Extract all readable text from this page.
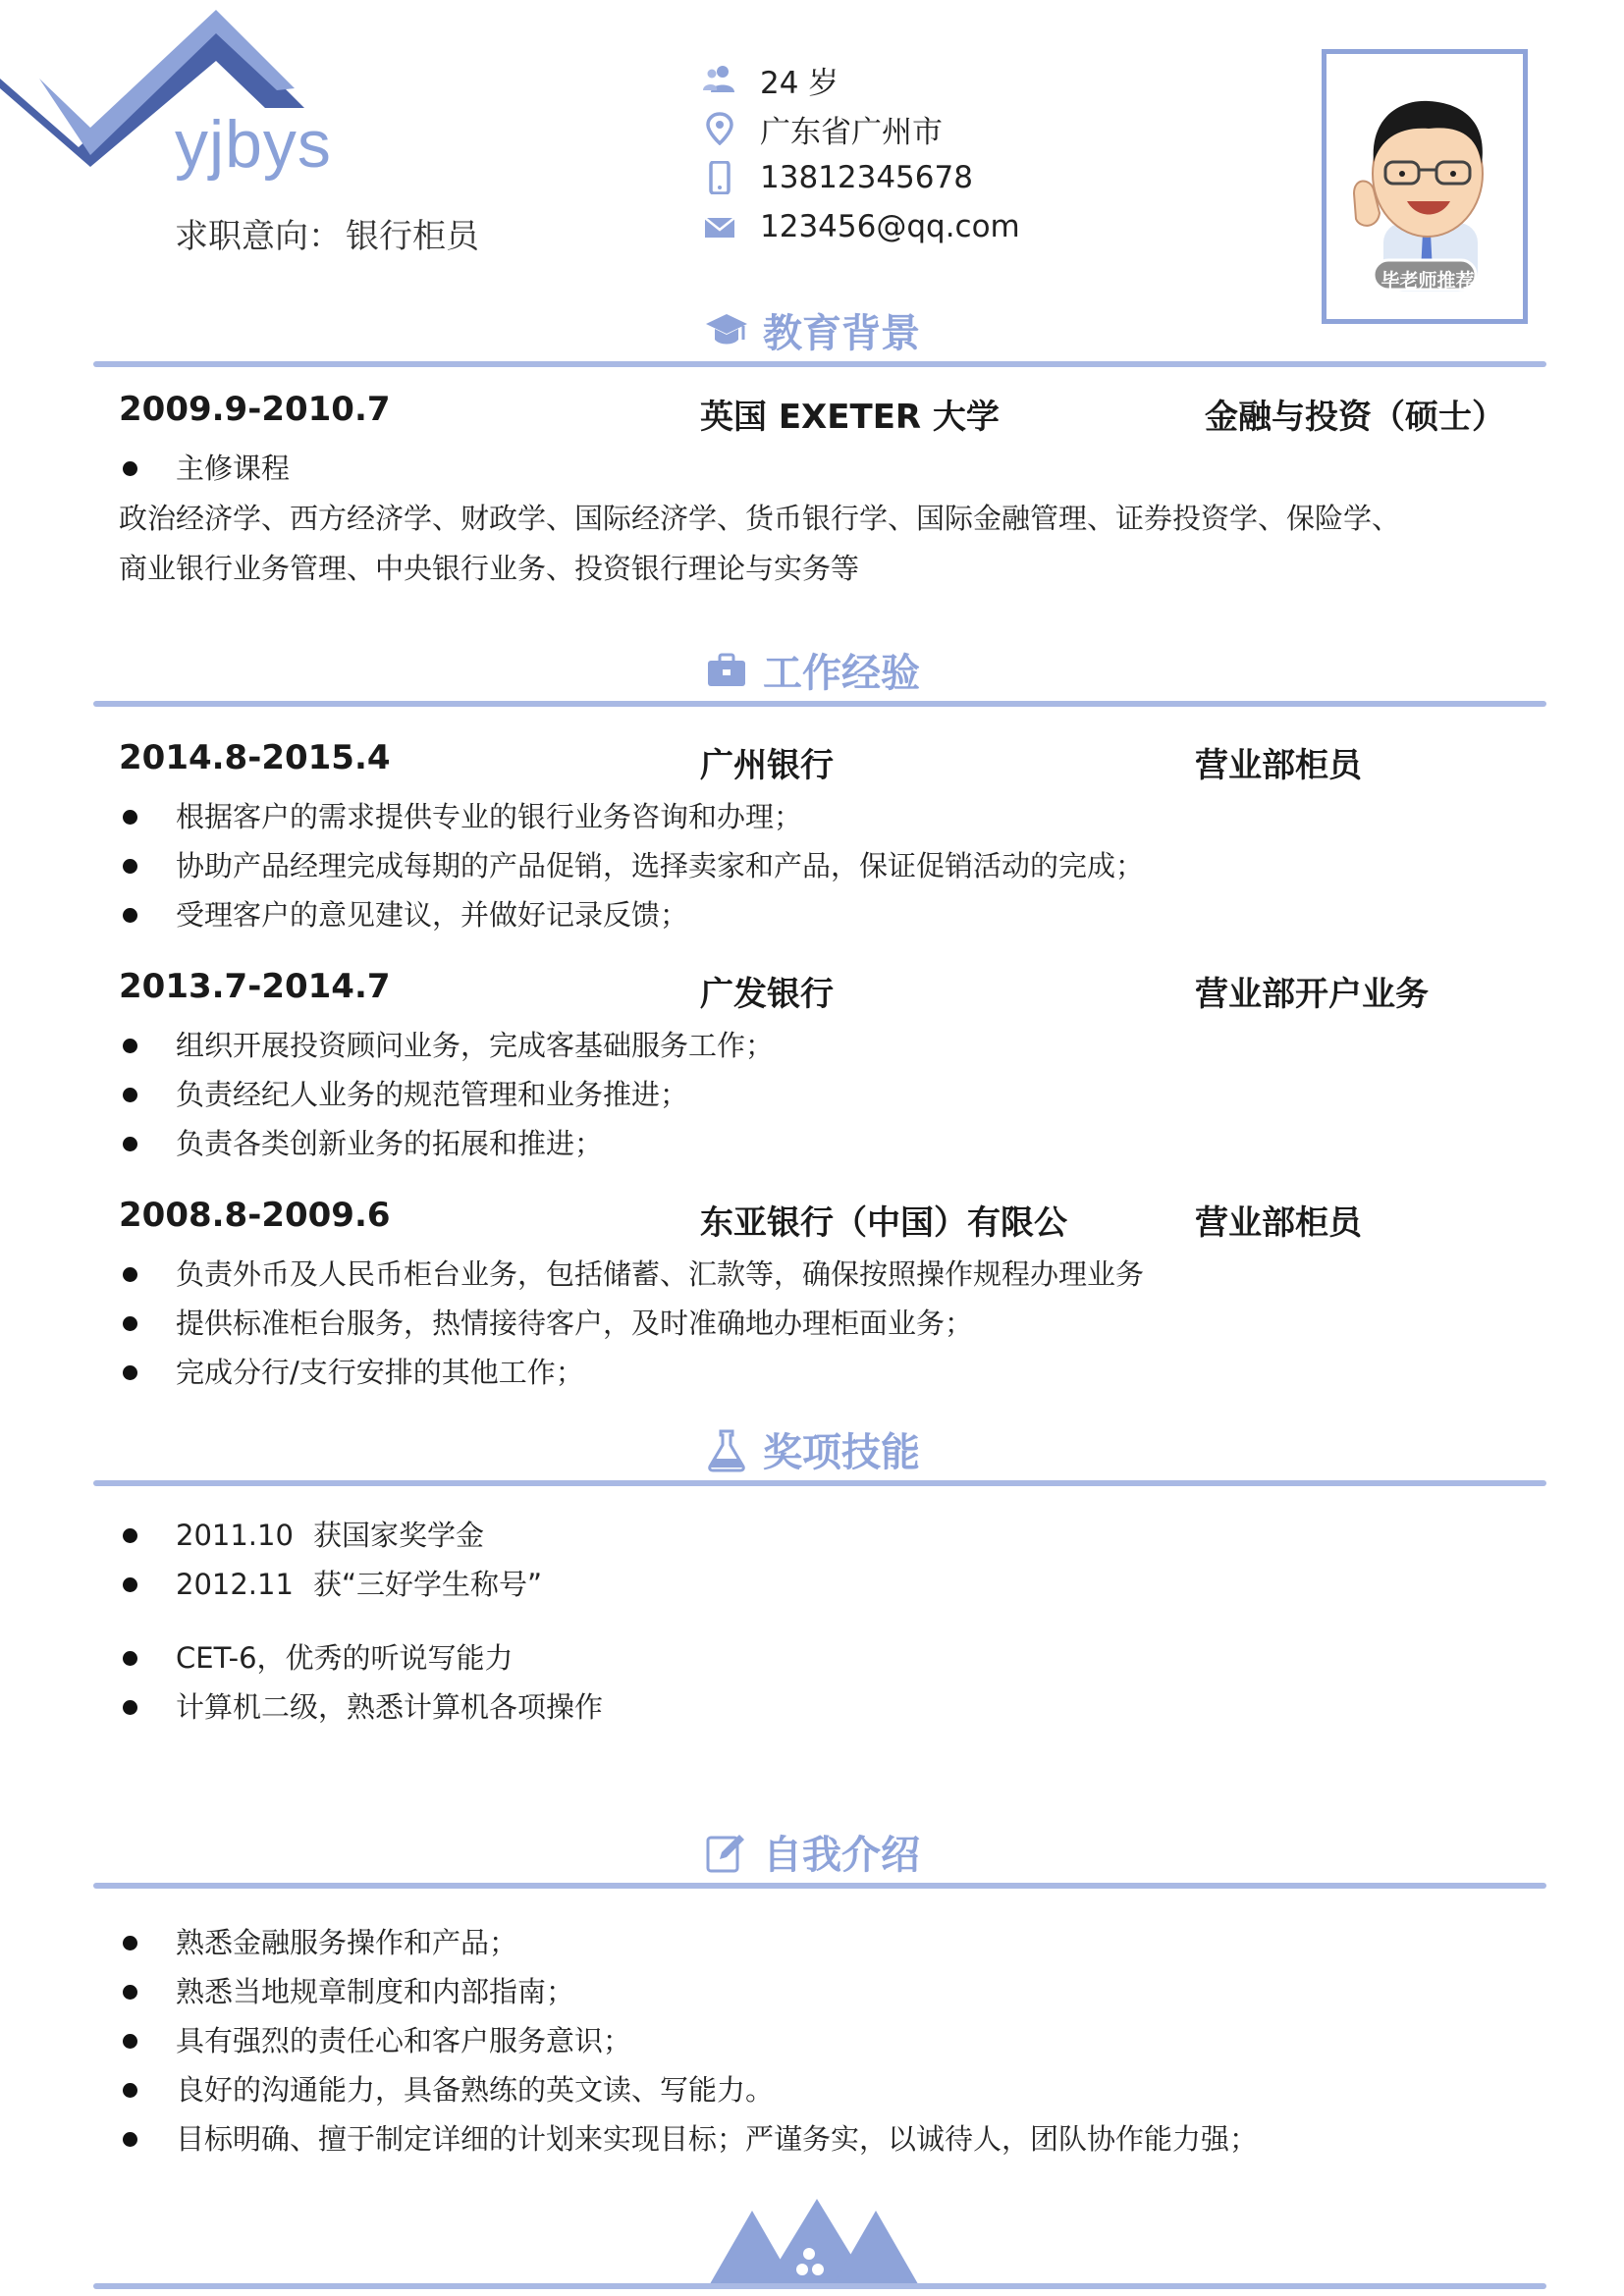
yjbys
求职意向： 银行柜员
24 岁
广东省广州市
13812345678
123456@qq.com
毕老师推荐
教育背景
2009.9-2010.7	英国 EXETER 大学	金融与投资（硕士）
主修课程
政治经济学、西方经济学、财政学、国际经济学、货币银行学、国际金融管理、证券投资学、保险学、
商业银行业务管理、中央银行业务、投资银行理论与实务等
工作经验
2014.8-2015.4	广州银行	营业部柜员
根据客户的需求提供专业的银行业务咨询和办理；
协助产品经理完成每期的产品促销，选择卖家和产品，保证促销活动的完成；
受理客户的意见建议，并做好记录反馈；
2013.7-2014.7	广发银行	营业部开户业务
组织开展投资顾问业务，完成客基础服务工作；
负责经纪人业务的规范管理和业务推进；
负责各类创新业务的拓展和推进；
2008.8-2009.6	东亚银行（中国）有限公	营业部柜员
负责外币及人民币柜台业务，包括储蓄、汇款等，确保按照操作规程办理业务
提供标准柜台服务，热情接待客户，及时准确地办理柜面业务；
完成分行/支行安排的其他工作；
奖项技能
2011.10 获国家奖学金
2012.11 获“三好学生称号”
CET-6，优秀的听说写能力
计算机二级，熟悉计算机各项操作
自我介绍
熟悉金融服务操作和产品；
熟悉当地规章制度和内部指南；
具有强烈的责任心和客户服务意识；
良好的沟通能力，具备熟练的英文读、写能力。
目标明确、擅于制定详细的计划来实现目标；严谨务实，以诚待人，团队协作能力强；
